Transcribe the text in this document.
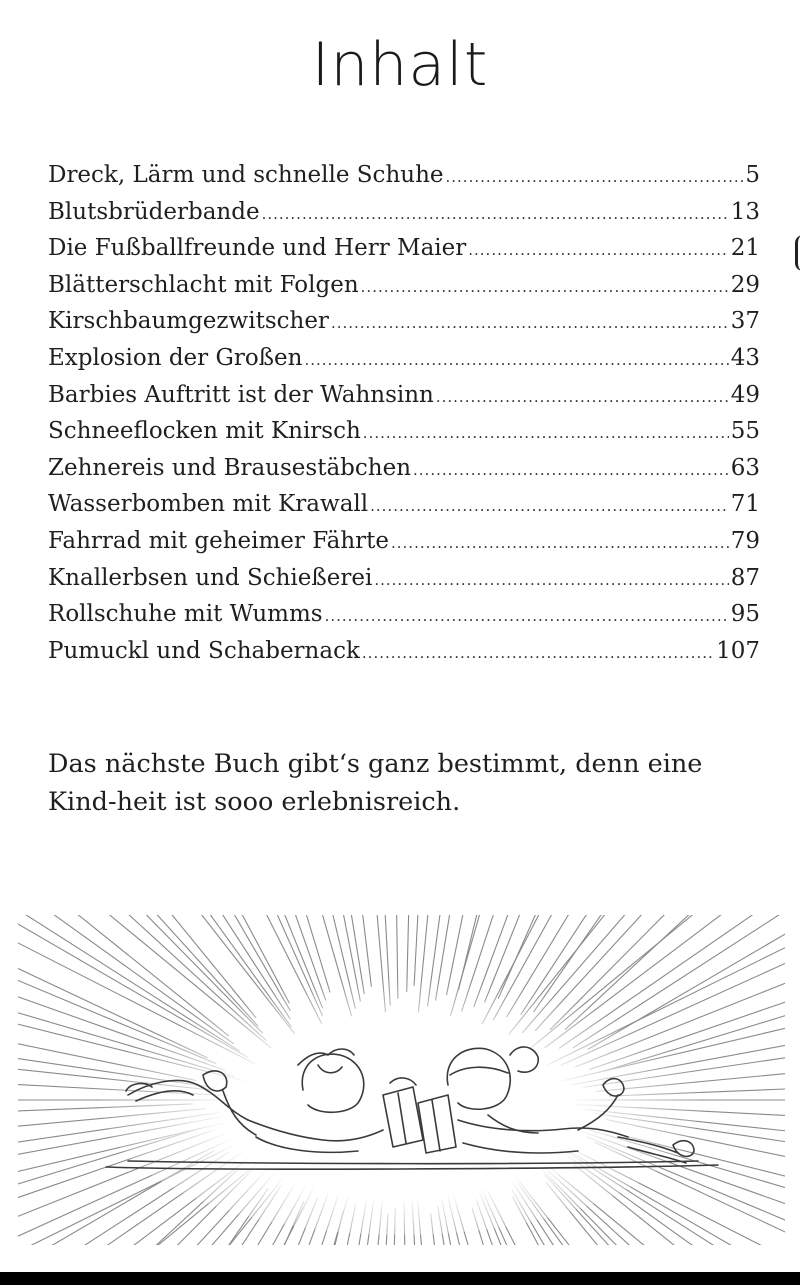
Inhalt
Dreck, Lärm und schnelle Schuhe .....	5
Blutsbrüderbande .....	13
Die Fußballfreunde und Herr Maier .....	21
Blätterschlacht mit Folgen .....	29
Kirschbaumgezwitscher .....	37
Explosion der Großen .....	43
Barbies Auftritt ist der Wahnsinn .....	49
Schneeflocken mit Knirsch .....	55
Zehnereis und Brausestäbchen .....	63
Wasserbomben mit Krawall .....	71
Fahrrad mit geheimer Fährte .....	79
Knallerbsen und Schießerei .....	87
Rollschuhe mit Wumms .....	95
Pumuckl und Schabernack .....	107

Das nächste Buch gibt‘s ganz bestimmt, denn eine Kind-heit ist sooo erlebnisreich.
